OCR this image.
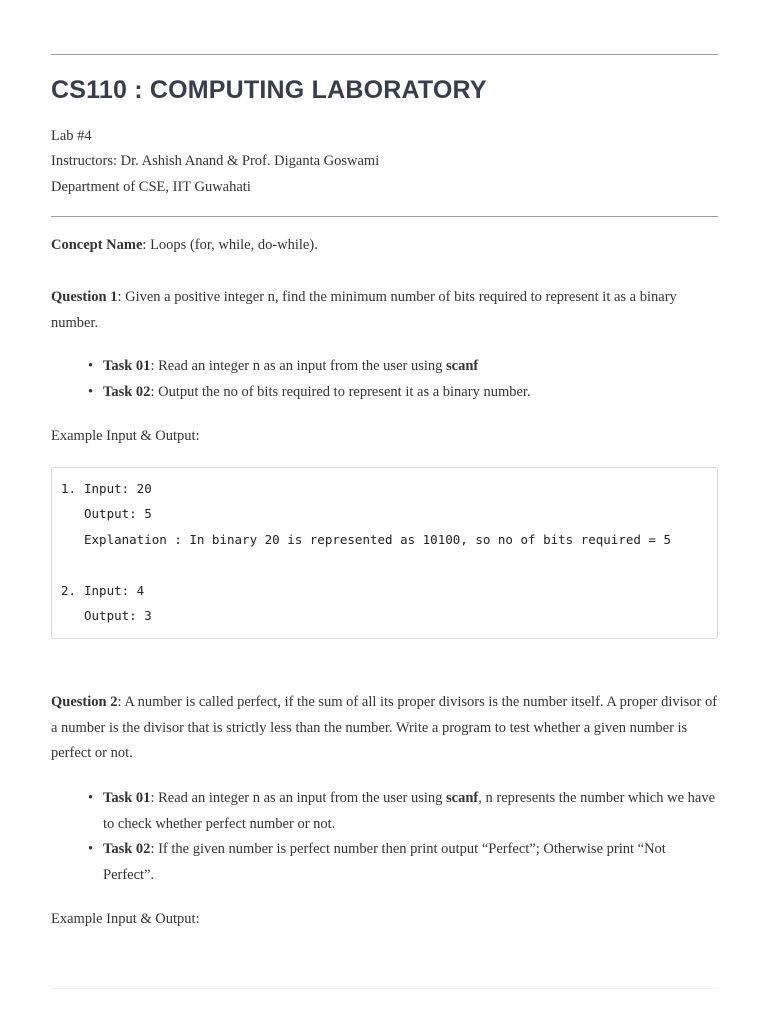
CS110 : COMPUTING LABORATORY
Lab #4
Instructors: Dr. Ashish Anand & Prof. Diganta Goswami
Department of CSE, IIT Guwahati

Concept Name: Loops (for, while, do-while).

Question 1: Given a positive integer n, find the minimum number of bits required to represent it as a binary number.

• Task 01: Read an integer n as an input from the user using scanf
• Task 02: Output the no of bits required to represent it as a binary number.

Example Input & Output:

1. Input: 20
Output: 5
Explanation : In binary 20 is represented as 10100, so no of bits required = 5
2. Input: 4
Output: 3

Question 2: A number is called perfect, if the sum of all its proper divisors is the number itself. A proper divisor of a number is the divisor that is strictly less than the number. Write a program to test whether a given number is perfect or not.

• Task 01: Read an integer n as an input from the user using scanf, n represents the number which we have to check whether perfect number or not.
• Task 02: If the given number is perfect number then print output “Perfect”; Otherwise print “Not Perfect”.

Example Input & Output:
